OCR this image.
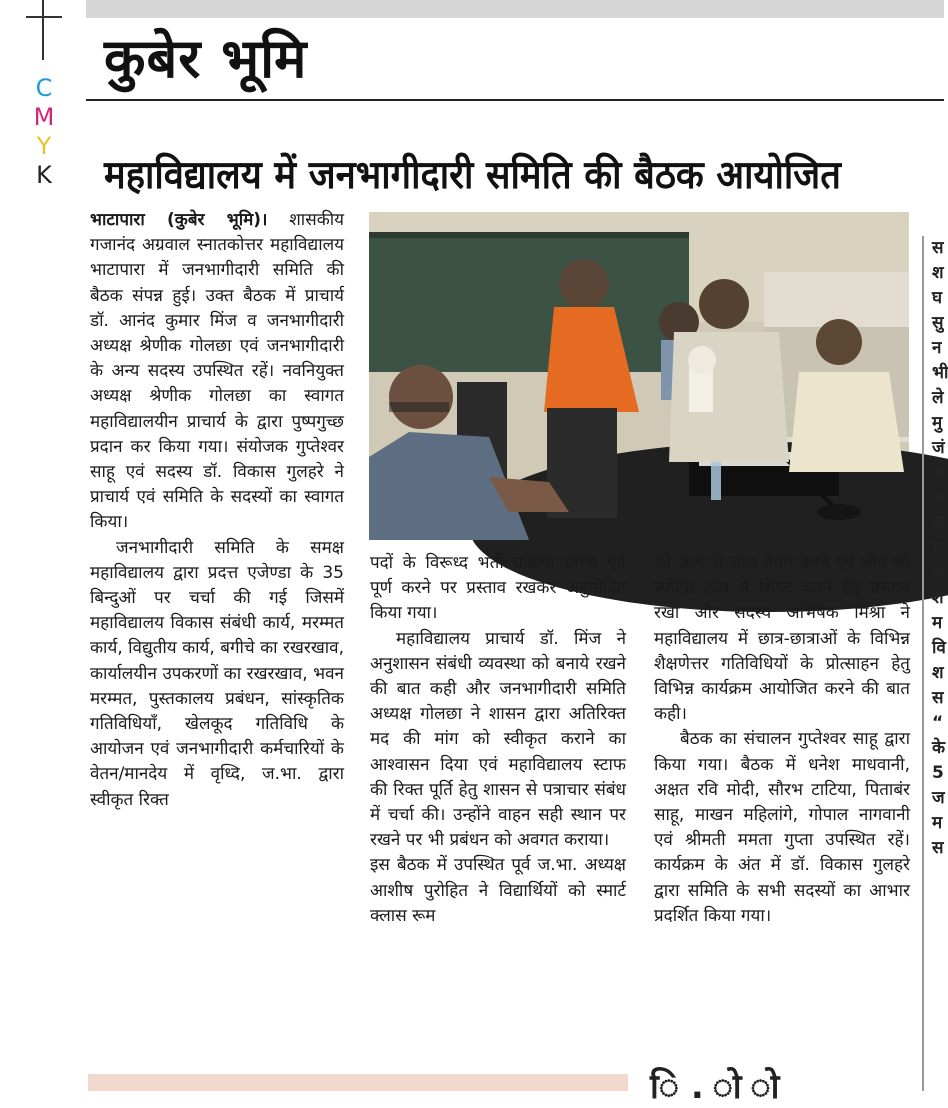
C
M
Y
K
कुबेर भूमि
महाविद्यालय में जनभागीदारी समिति की बैठक आयोजित

भाटापारा (कुबेर भूमि)। शासकीय गजानंद अग्रवाल स्नातकोत्तर महाविद्यालय भाटापारा में जनभागीदारी समिति की बैठक संपन्न हुई। उक्त बैठक में प्राचार्य डॉ. आनंद कुमार मिंज व जनभागीदारी अध्यक्ष श्रेणीक गोलछा एवं जनभागीदारी के अन्य सदस्य उपस्थित रहें। नवनियुक्त अध्यक्ष श्रेणीक गोलछा का स्वागत महाविद्यालयीन प्राचार्य के द्वारा पुष्पगुच्छ प्रदान कर किया गया। संयोजक गुप्तेश्वर साहू एवं सदस्य डॉ. विकास गुलहरे ने प्राचार्य एवं समिति के सदस्यों का स्वागत किया।

जनभागीदारी समिति के समक्ष महाविद्यालय द्वारा प्रदत्त एजेण्डा के 35 बिन्दुओं पर चर्चा की गई जिसमें महाविद्यालय विकास संबंधी कार्य, मरम्मत कार्य, विद्युतीय कार्य, बगीचे का रखरखाव, कार्यालयीन उपकरणों का रखरखाव, भवन मरम्मत, पुस्तकालय प्रबंधन, सांस्कृतिक गतिविधियाँ, खेलकूद गतिविधि के आयोजन एवं जनभागीदारी कर्मचारियों के वेतन/मानदेय में वृध्दि, ज.भा. द्वारा स्वीकृत रिक्त

पदों के विरूध्द भर्ती प्रक्रिया प्रारंभ एवं पूर्ण करने पर प्रस्ताव रखकर अनुमोदित किया गया।

महाविद्यालय प्राचार्य डॉ. मिंज ने अनुशासन संबंधी व्यवस्था को बनाये रखने की बात कही और जनभागीदारी समिति अध्यक्ष गोलछा ने शासन द्वारा अतिरिक्त मद की मांग को स्वीकृत कराने का आश्वासन दिया एवं महाविद्यालय स्टाफ की रिक्त पूर्ति हेतु शासन से पत्राचार संबंध में चर्चा की। उन्होंने वाहन सही स्थान पर रखने पर भी प्रबंधन को अवगत कराया।

इस बैठक में उपस्थित पूर्व ज.भा. अध्यक्ष आशीष पुरोहित ने विद्यार्थियों को स्मार्ट क्लास रूम

को जल्द से जल्द तैयार करने एवं जीम को स्पोर्टस हॉल में शिफ्ट करने हेतु प्रस्ताव रखा और सदस्य अभिषेक मिश्रा ने महाविद्यालय में छात्र-छात्राओं के विभिन्न शैक्षणेत्तर गतिविधियों के प्रोत्साहन हेतु विभिन्न कार्यक्रम आयोजित करने की बात कही।

बैठक का संचालन गुप्तेश्वर साहू द्वारा किया गया। बैठक में धनेश माधवानी, अक्षत रवि मोदी, सौरभ टाटिया, पिताबंर साहू, माखन महिलांगे, गोपाल नागवानी एवं श्रीमती ममता गुप्ता उपस्थित रहें। कार्यक्रम के अंत में डॉ. विकास गुलहरे द्वारा समिति के सभी सदस्यों का आभार प्रदर्शित किया गया।

स
श
घ
सु
न
भी
ले
मु
जं
अ
अ
क
म
अ
श
म
वि
श
स
“
के
5
ज
म
स
ि . ो ो
